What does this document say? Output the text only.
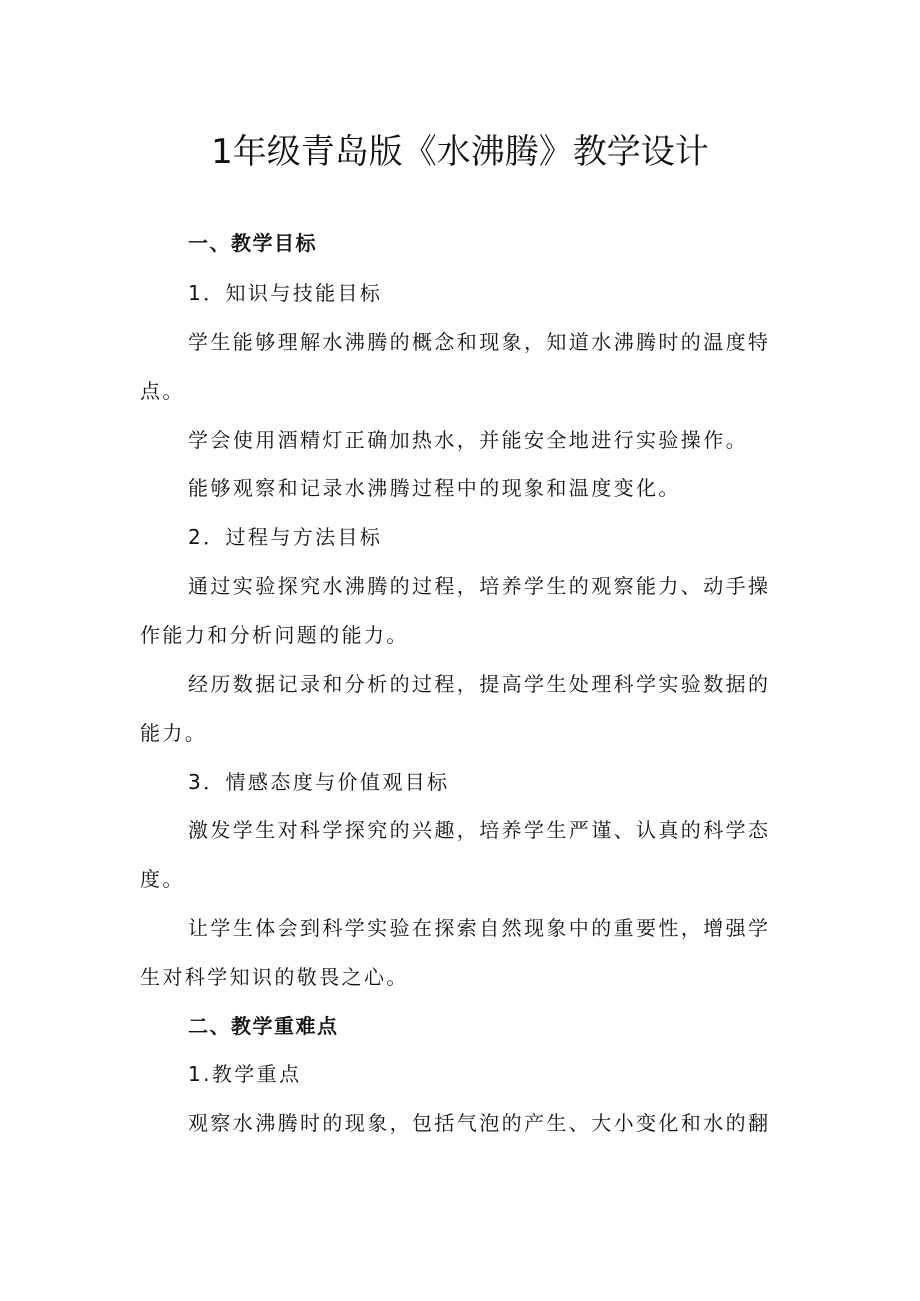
1年级青岛版《水沸腾》教学设计
一、教学目标
1．知识与技能目标
学生能够理解水沸腾的概念和现象，知道水沸腾时的温度特
点。
学会使用酒精灯正确加热水，并能安全地进行实验操作。
能够观察和记录水沸腾过程中的现象和温度变化。
2．过程与方法目标
通过实验探究水沸腾的过程，培养学生的观察能力、动手操
作能力和分析问题的能力。
经历数据记录和分析的过程，提高学生处理科学实验数据的
能力。
3．情感态度与价值观目标
激发学生对科学探究的兴趣，培养学生严谨、认真的科学态
度。
让学生体会到科学实验在探索自然现象中的重要性，增强学
生对科学知识的敬畏之心。
二、教学重难点
1.教学重点
观察水沸腾时的现象，包括气泡的产生、大小变化和水的翻
